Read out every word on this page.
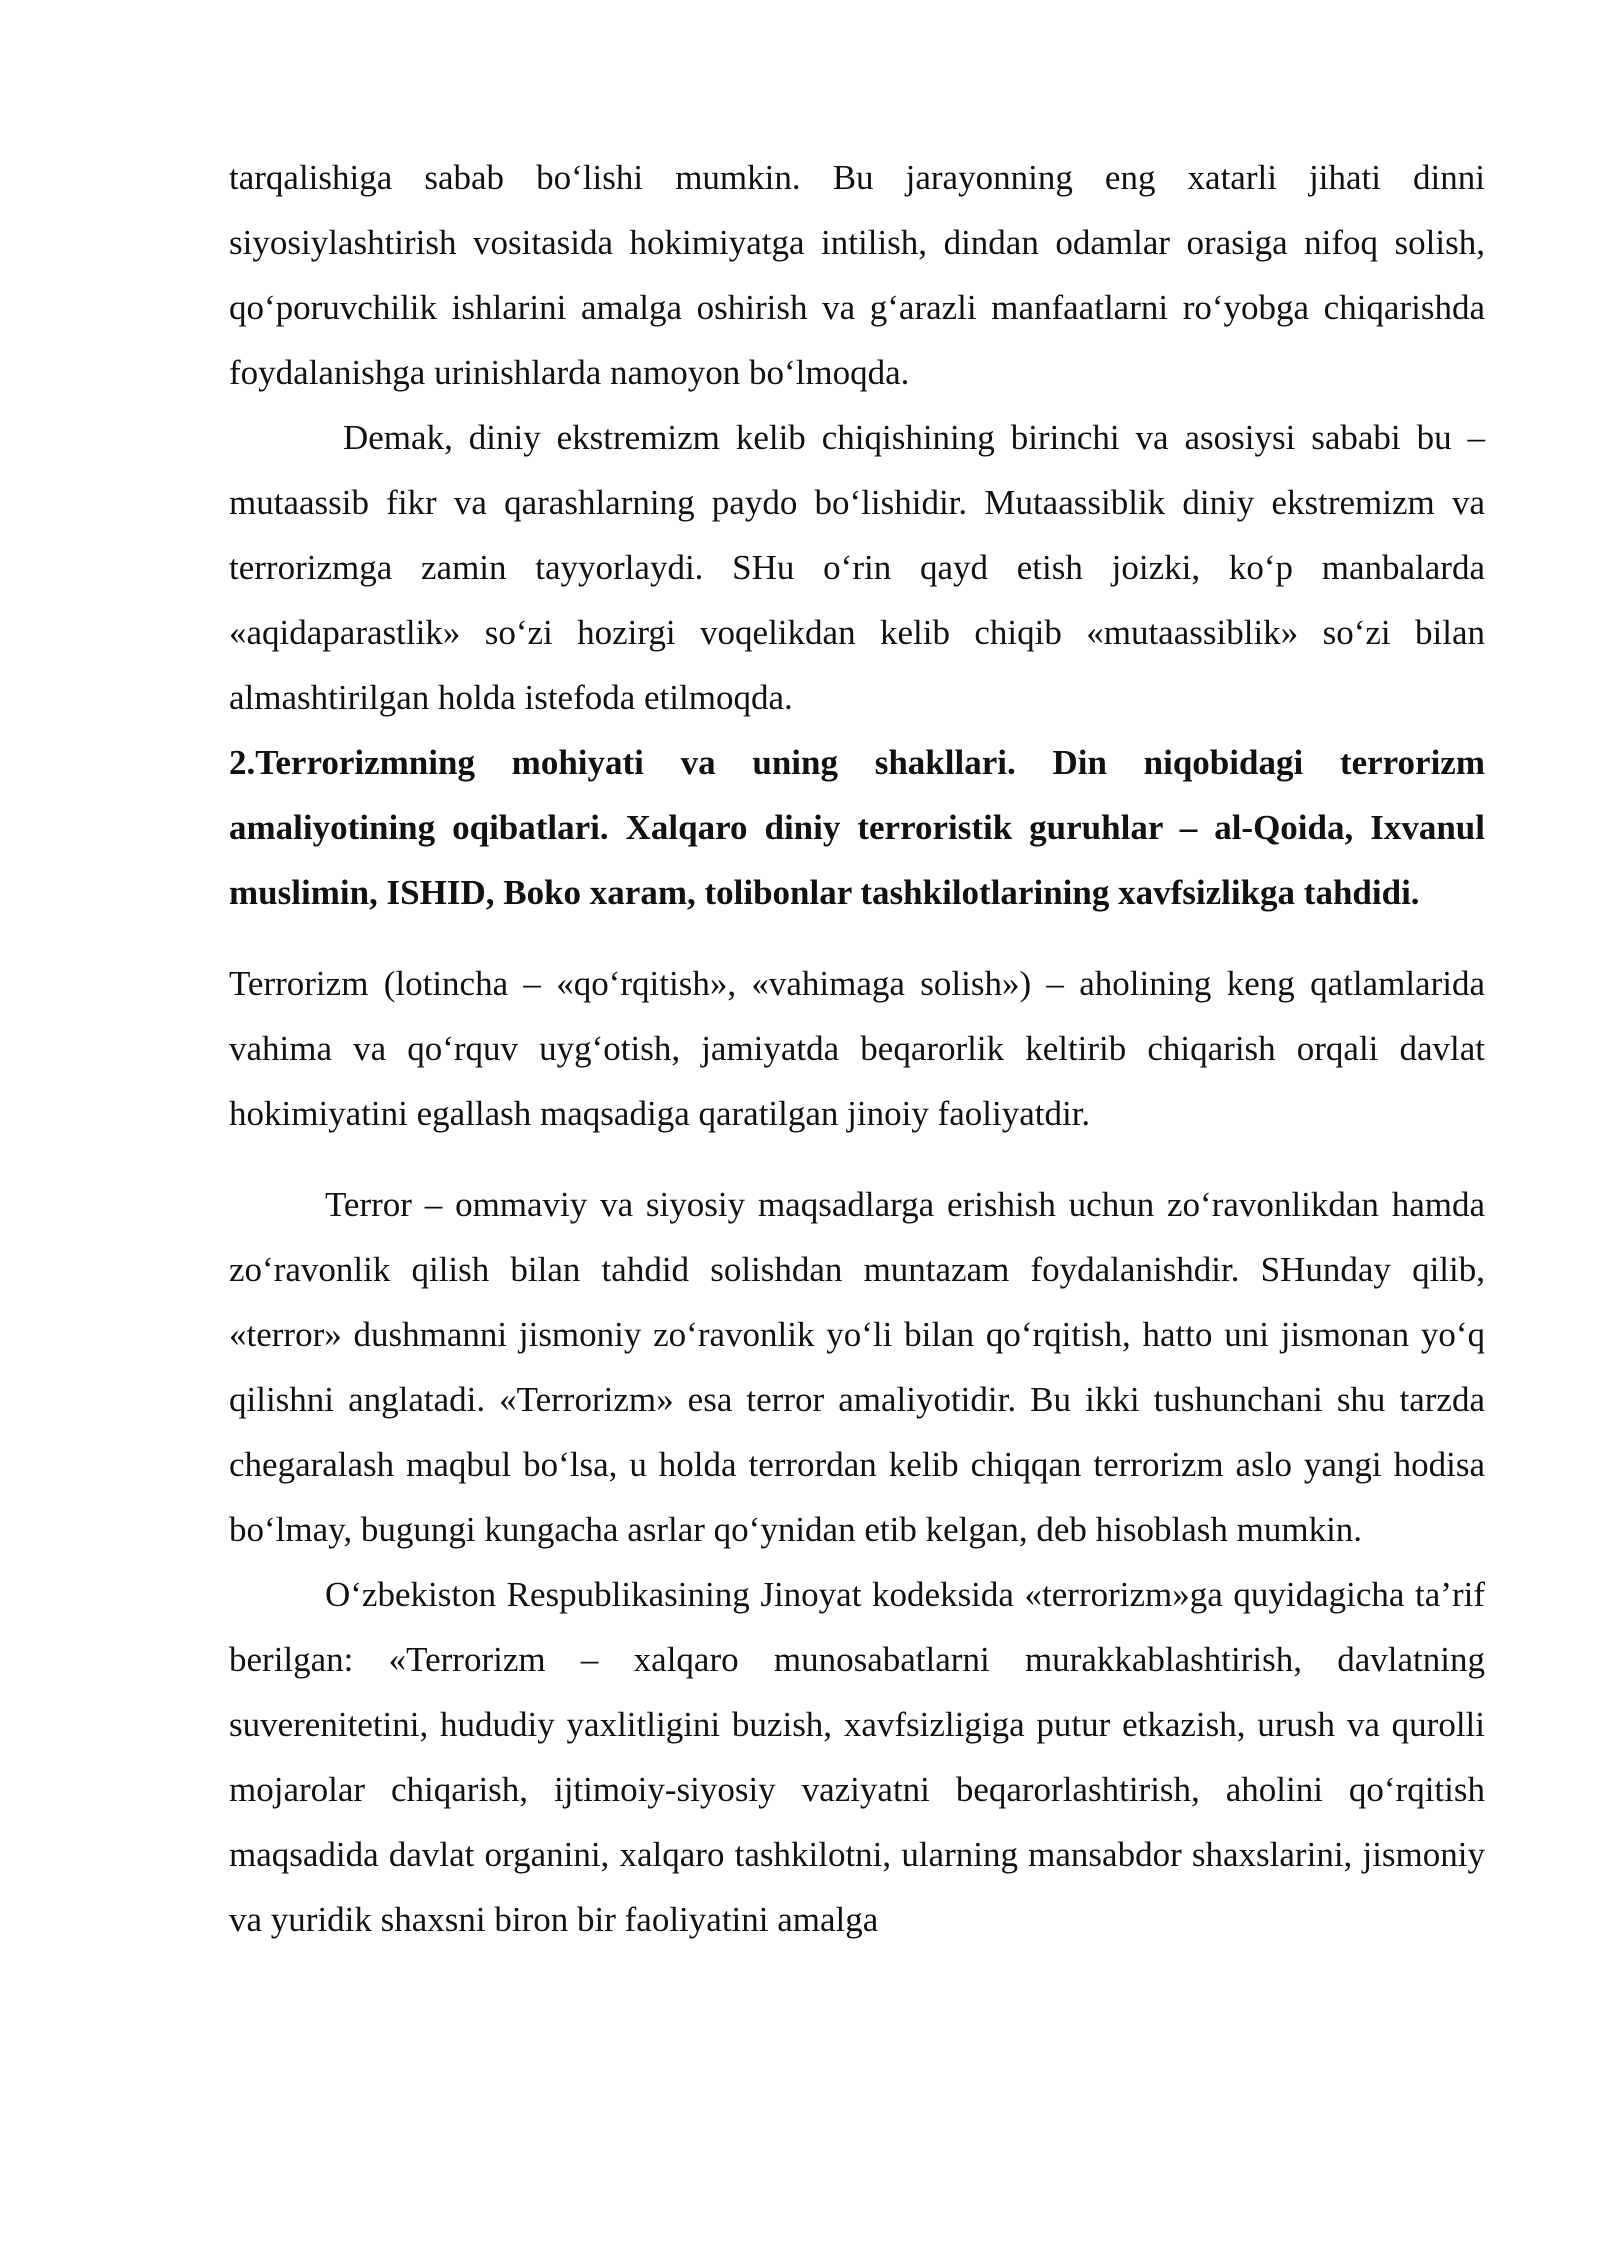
tarqalishiga sabab bo‘lishi mumkin. Bu jarayonning eng xatarli jihati dinni siyosiylashtirish vositasida hokimiyatga intilish, dindan odamlar orasiga nifoq solish, qo‘poruvchilik ishlarini amalga oshirish va g‘arazli manfaatlarni ro‘yobga chiqarishda foydalanishga urinishlarda namoyon bo‘lmoqda.

Demak, diniy ekstremizm kelib chiqishining birinchi va asosiysi sababi bu – mutaassib fikr va qarashlarning paydo bo‘lishidir. Mutaassiblik diniy ekstremizm va terrorizmga zamin tayyorlaydi. SHu o‘rin qayd etish joizki, ko‘p manbalarda «aqidaparastlik» so‘zi hozirgi voqelikdan kelib chiqib «mutaassiblik» so‘zi bilan almashtirilgan holda istefoda etilmoqda.

2.Terrorizmning mohiyati va uning shakllari. Din niqobidagi terrorizm amaliyotining oqibatlari. Xalqaro diniy terroristik guruhlar – al-Qoida, Ixvanul muslimin, ISHID, Boko xaram, tolibonlar tashkilotlarining xavfsizlikga tahdidi.

Terrorizm (lotincha – «qo‘rqitish», «vahimaga solish») – aholining keng qatlamlarida vahima va qo‘rquv uyg‘otish, jamiyatda beqarorlik keltirib chiqarish orqali davlat hokimiyatini egallash maqsadiga qaratilgan jinoiy faoliyatdir.

Terror – ommaviy va siyosiy maqsadlarga erishish uchun zo‘ravonlikdan hamda zo‘ravonlik qilish bilan tahdid solishdan muntazam foydalanishdir. SHunday qilib, «terror» dushmanni jismoniy zo‘ravonlik yo‘li bilan qo‘rqitish, hatto uni jismonan yo‘q qilishni anglatadi. «Terrorizm» esa terror amaliyotidir. Bu ikki tushunchani shu tarzda chegaralash maqbul bo‘lsa, u holda terrordan kelib chiqqan terrorizm aslo yangi hodisa bo‘lmay, bugungi kungacha asrlar qo‘ynidan etib kelgan, deb hisoblash mumkin.

O‘zbekiston Respublikasining Jinoyat kodeksida «terrorizm»ga quyidagicha ta’rif berilgan: «Terrorizm – xalqaro munosabatlarni murakkablashtirish, davlatning suverenitetini, hududiy yaxlitligini buzish, xavfsizligiga putur etkazish, urush va qurolli mojarolar chiqarish, ijtimoiy-siyosiy vaziyatni beqarorlashtirish, aholini qo‘rqitish maqsadida davlat organini, xalqaro tashkilotni, ularning mansabdor shaxslarini, jismoniy va yuridik shaxsni biron bir faoliyatini amalga
